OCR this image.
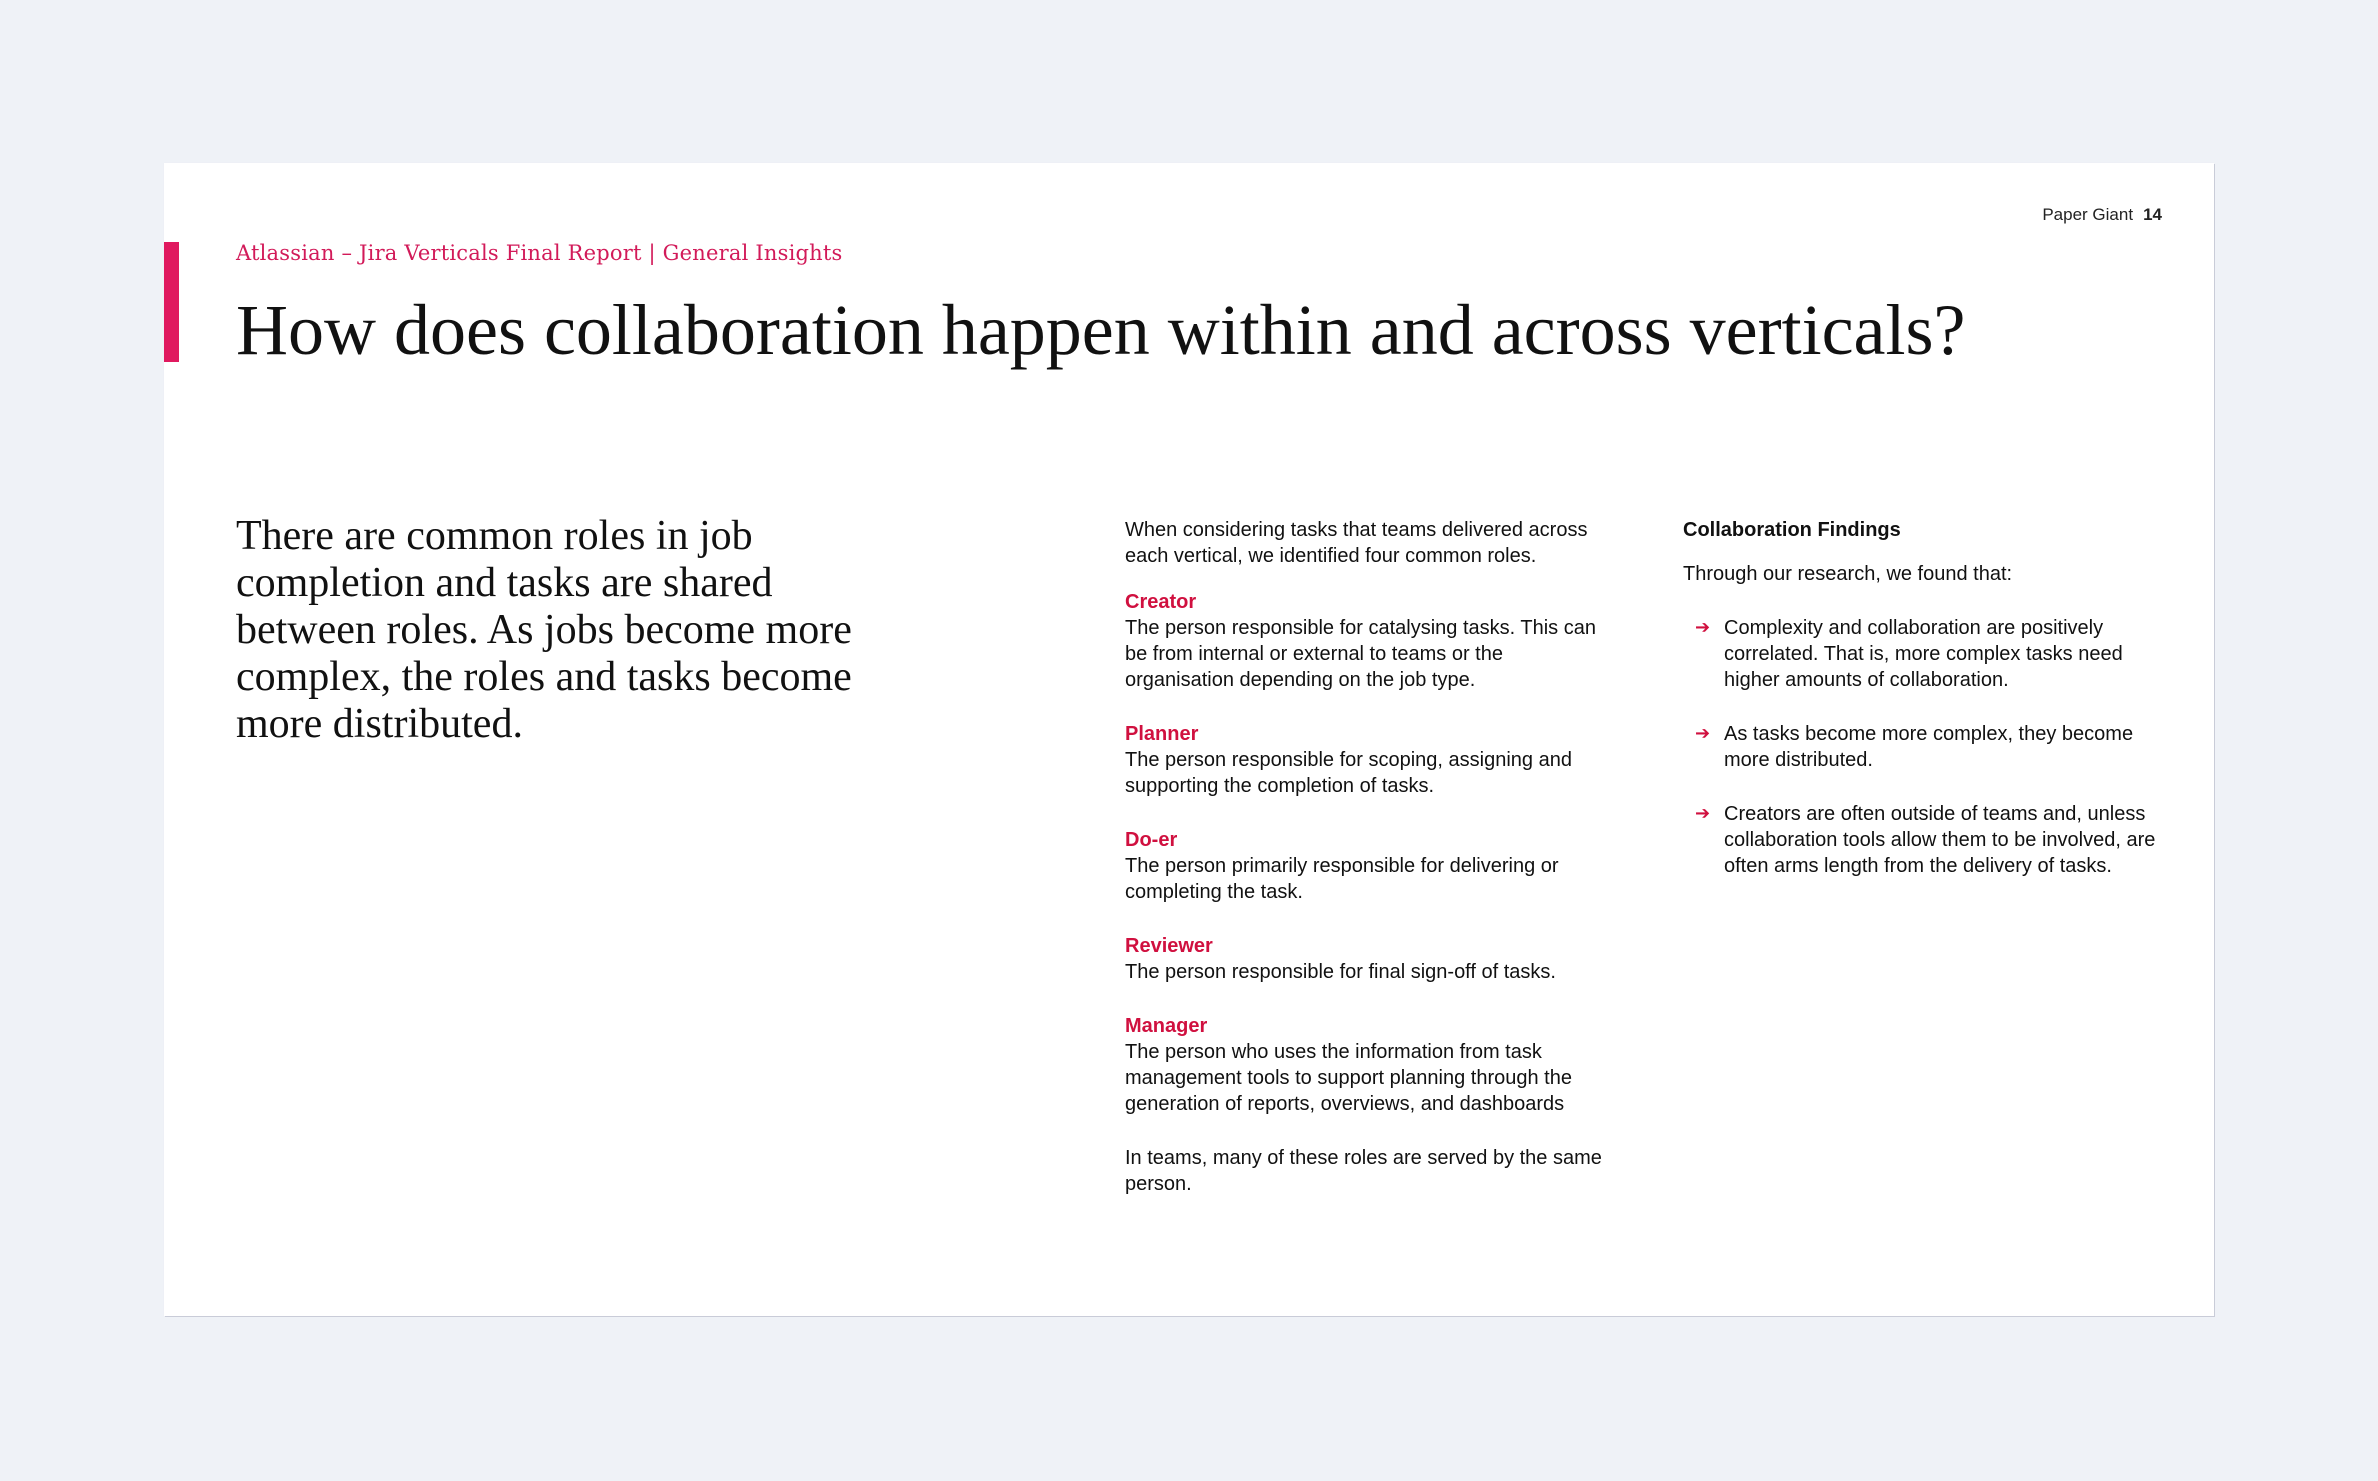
Paper Giant 14
Atlassian – Jira Verticals Final Report | General Insights
How does collaboration happen within and across verticals?

There are common roles in job completion and tasks are shared between roles. As jobs become more complex, the roles and tasks become more distributed.

When considering tasks that teams delivered across each vertical, we identified four common roles.

Creator

The person responsible for catalysing tasks. This can be from internal or external to teams or the organisation depending on the job type.

Planner

The person responsible for scoping, assigning and supporting the completion of tasks.

Do-er

The person primarily responsible for delivering or completing the task.

Reviewer

The person responsible for final sign-off of tasks.

Manager

The person who uses the information from task management tools to support planning through the generation of reports, overviews, and dashboards

In teams, many of these roles are served by the same person.

Collaboration Findings

Through our research, we found that:

➔ Complexity and collaboration are positively correlated. That is, more complex tasks need higher amounts of collaboration.
➔ As tasks become more complex, they become more distributed.
➔ Creators are often outside of teams and, unless collaboration tools allow them to be involved, are often arms length from the delivery of tasks.
